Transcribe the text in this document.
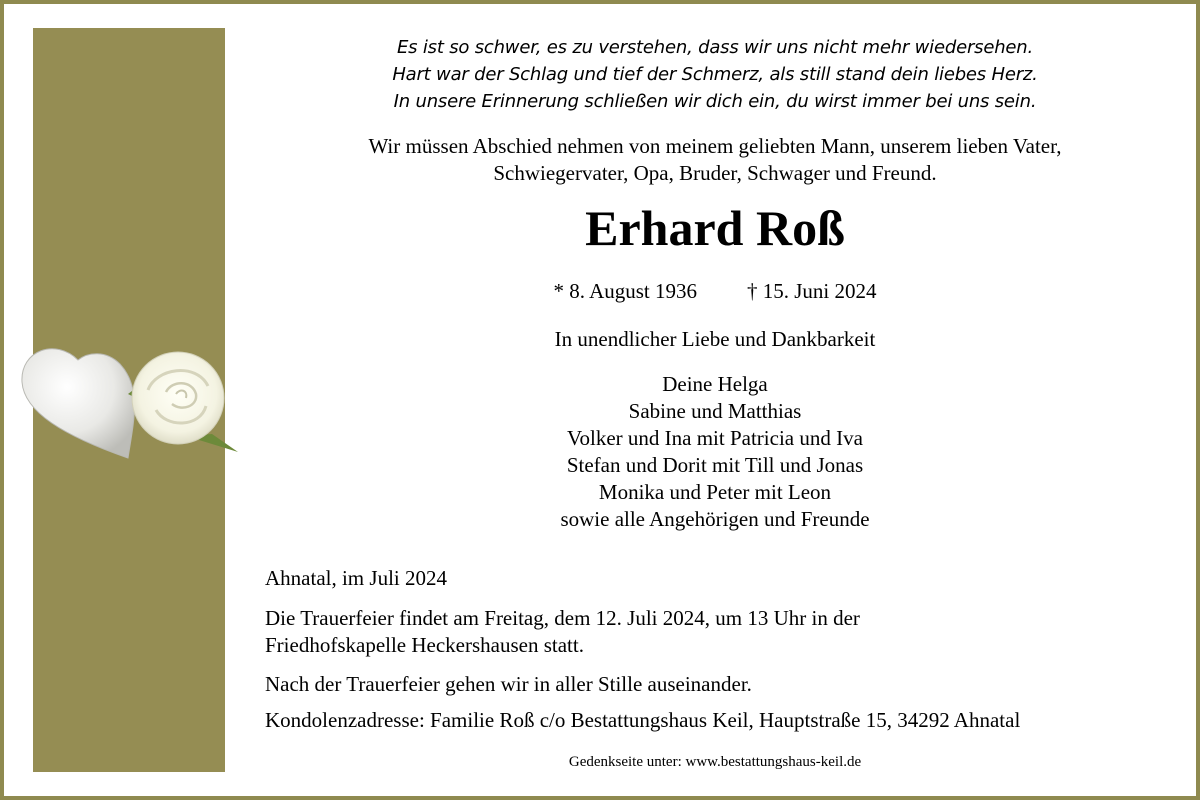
Es ist so schwer, es zu verstehen, dass wir uns nicht mehr wiedersehen.
Hart war der Schlag und tief der Schmerz, als still stand dein liebes Herz.
In unsere Erinnerung schließen wir dich ein, du wirst immer bei uns sein.
Wir müssen Abschied nehmen von meinem geliebten Mann, unserem lieben Vater,
Schwiegervater, Opa, Bruder, Schwager und Freund.
Erhard Roß
* 8. August 1936 † 15. Juni 2024
In unendlicher Liebe und Dankbarkeit
Deine Helga
Sabine und Matthias
Volker und Ina mit Patricia und Iva
Stefan und Dorit mit Till und Jonas
Monika und Peter mit Leon
sowie alle Angehörigen und Freunde
Ahnatal, im Juli 2024
Die Trauerfeier findet am Freitag, dem 12. Juli 2024, um 13 Uhr in der
Friedhofskapelle Heckershausen statt.
Nach der Trauerfeier gehen wir in aller Stille auseinander.
Kondolenzadresse: Familie Roß c/o Bestattungshaus Keil, Hauptstraße 15, 34292 Ahnatal
Gedenkseite unter: www.bestattungshaus-keil.de
